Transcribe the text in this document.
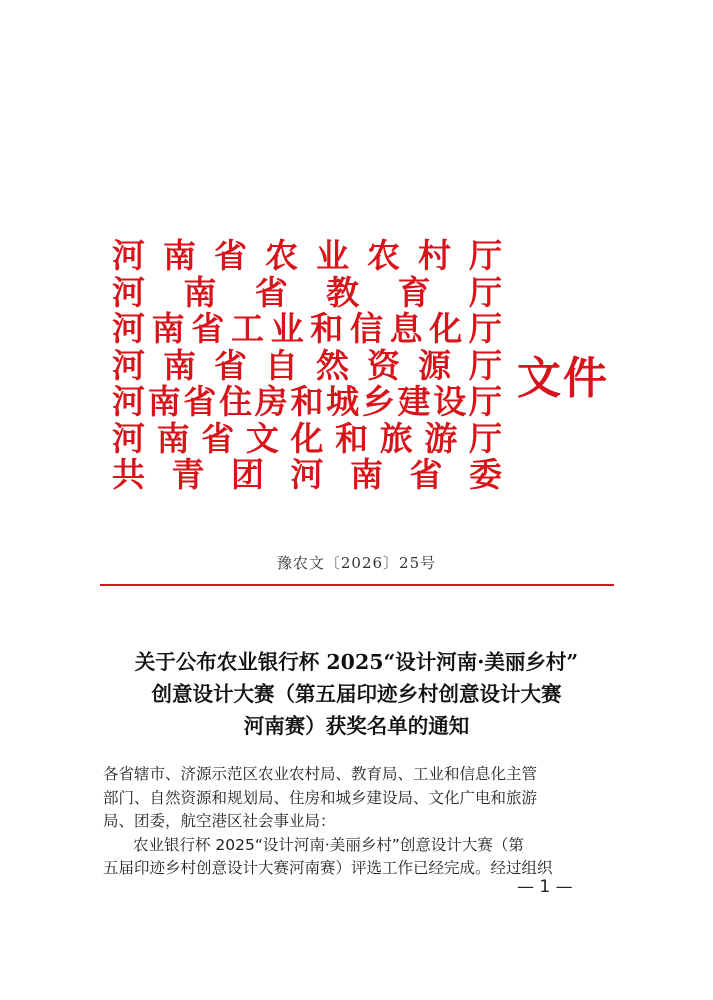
河 南 省 农 业 农 村 厅
河 南 省 教 育 厅
河 南 省 工 业 和 信 息 化 厅
河 南 省 自 然 资 源 厅
河 南 省 住 房 和 城 乡 建 设 厅
河 南 省 文 化 和 旅 游 厅
共 青 团 河 南 省 委
文件
豫农文〔2026〕25号
关于公布农业银行杯 2025“设计河南·美丽乡村”
创意设计大赛（第五届印迹乡村创意设计大赛
河南赛）获奖名单的通知
各省辖市、济源示范区农业农村局、教育局、工业和信息化主管
部门、自然资源和规划局、住房和城乡建设局、文化广电和旅游
局、团委，航空港区社会事业局：
农业银行杯 2025“设计河南·美丽乡村”创意设计大赛（第
五届印迹乡村创意设计大赛河南赛）评选工作已经完成。经过组织
— 1 —
